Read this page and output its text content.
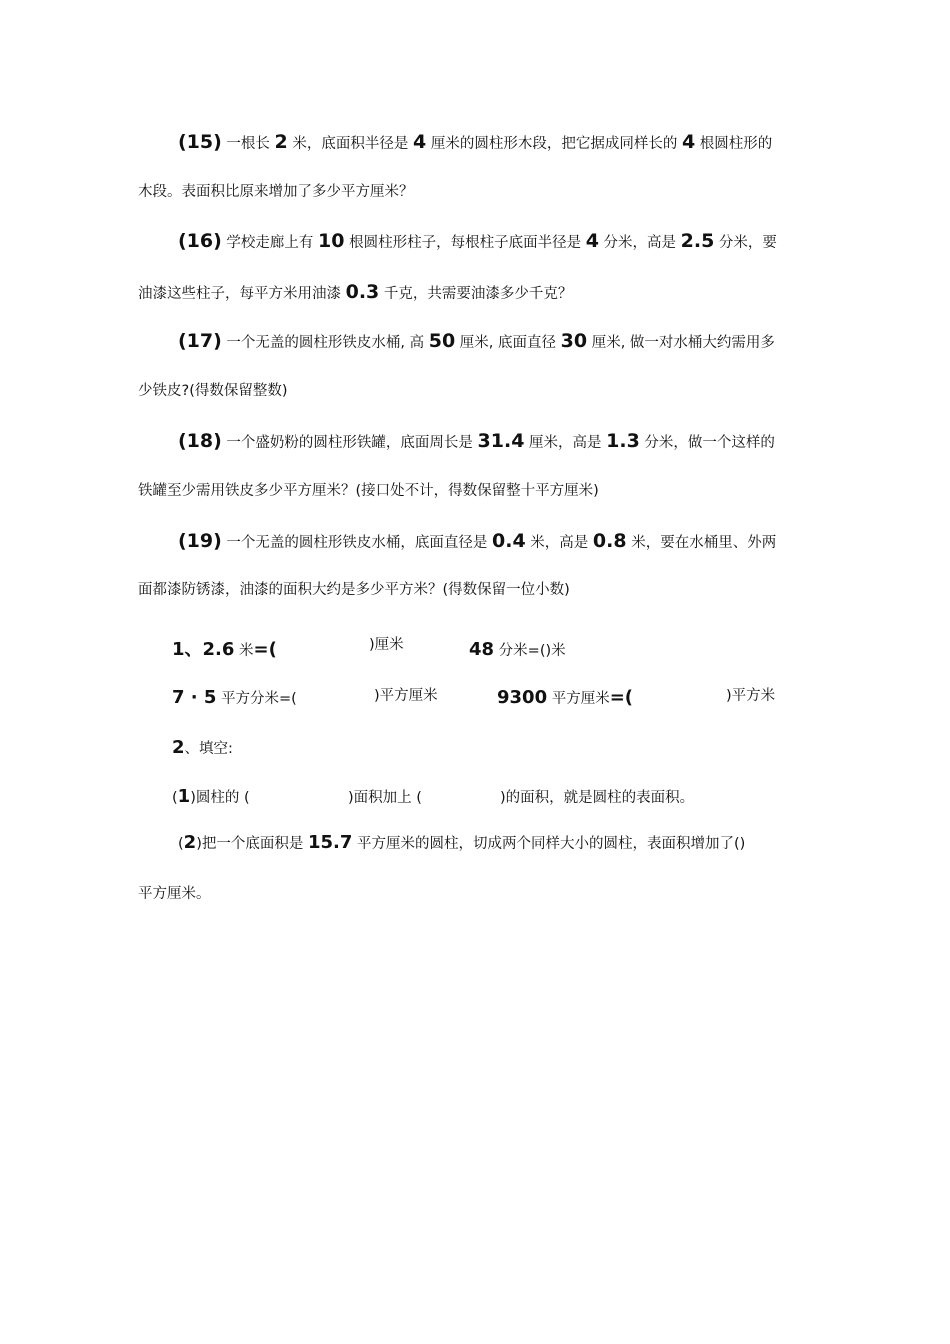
(15) 一根长 2 米，底面积半径是 4 厘米的圆柱形木段，把它据成同样长的 4 根圆柱形的
木段。表面积比原来增加了多少平方厘米？
(16) 学校走廊上有 10 根圆柱形柱子，每根柱子底面半径是 4 分米，高是 2.5 分米，要
油漆这些柱子，每平方米用油漆 0.3 千克，共需要油漆多少千克？
(17) 一个无盖的圆柱形铁皮水桶, 高 50 厘米, 底面直径 30 厘米, 做一对水桶大约需用多
少铁皮?(得数保留整数)
(18) 一个盛奶粉的圆柱形铁罐，底面周长是 31.4 厘米，高是 1.3 分米，做一个这样的
铁罐至少需用铁皮多少平方厘米？(接口处不计，得数保留整十平方厘米)
(19) 一个无盖的圆柱形铁皮水桶，底面直径是 0.4 米，高是 0.8 米，要在水桶里、外两
面都漆防锈漆，油漆的面积大约是多少平方米？(得数保留一位小数)
1、2.6 米=(	)厘米	48 分米=()米
7 · 5 平方分米=(	)平方厘米	9300 平方厘米=(	)平方米
2、填空:
(1)圆柱的 (	)面积加上 (	)的面积，就是圆柱的表面积。
(2)把一个底面积是 15.7 平方厘米的圆柱，切成两个同样大小的圆柱，表面积增加了()
平方厘米。
